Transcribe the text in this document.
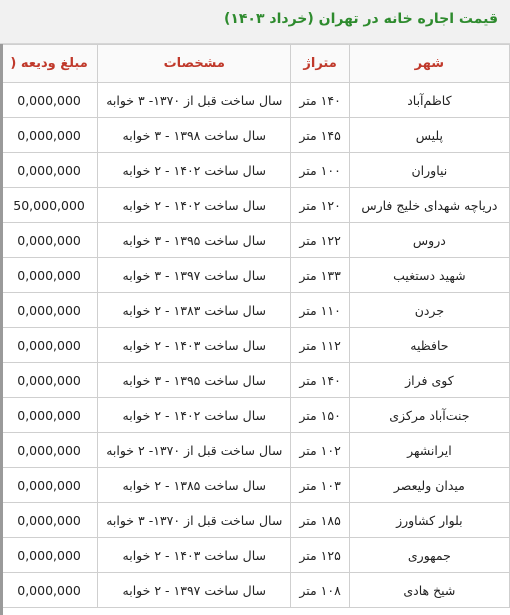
قیمت اجاره خانه در تهران (خرداد ۱۴۰۳)
شهر	متراژ	مشخصات	مبلغ ودیعه (
کاظم‌آباد	۱۴۰ متر	سال ساخت قبل از ۱۳۷۰- ۳ خوابه	0,000,000
پلیس	۱۴۵ متر	سال ساخت ۱۳۹۸ - ۳ خوابه	0,000,000
نیاوران	۱۰۰ متر	سال ساخت ۱۴۰۲ - ۲ خوابه	0,000,000
دریاچه شهدای خلیج فارس	۱۲۰ متر	سال ساخت ۱۴۰۲ - ۲ خوابه	50,000,000
دروس	۱۲۲ متر	سال ساخت ۱۳۹۵ - ۳ خوابه	0,000,000
شهید دستغیب	۱۳۳ متر	سال ساخت ۱۳۹۷ - ۳ خوابه	0,000,000
جردن	۱۱۰ متر	سال ساخت ۱۳۸۳ - ۲ خوابه	0,000,000
حافظیه	۱۱۲ متر	سال ساخت ۱۴۰۳ - ۲ خوابه	0,000,000
کوی فراز	۱۴۰ متر	سال ساخت ۱۳۹۵ - ۳ خوابه	0,000,000
جنت‌آباد مرکزی	۱۵۰ متر	سال ساخت ۱۴۰۲ - ۲ خوابه	0,000,000
ایرانشهر	۱۰۲ متر	سال ساخت قبل از ۱۳۷۰- ۲ خوابه	0,000,000
میدان ولیعصر	۱۰۳ متر	سال ساخت ۱۳۸۵ - ۲ خوابه	0,000,000
بلوار کشاورز	۱۸۵ متر	سال ساخت قبل از ۱۳۷۰- ۳ خوابه	0,000,000
جمهوری	۱۲۵ متر	سال ساخت ۱۴۰۳ - ۲ خوابه	0,000,000
شیخ هادی	۱۰۸ متر	سال ساخت ۱۳۹۷ - ۲ خوابه	0,000,000
